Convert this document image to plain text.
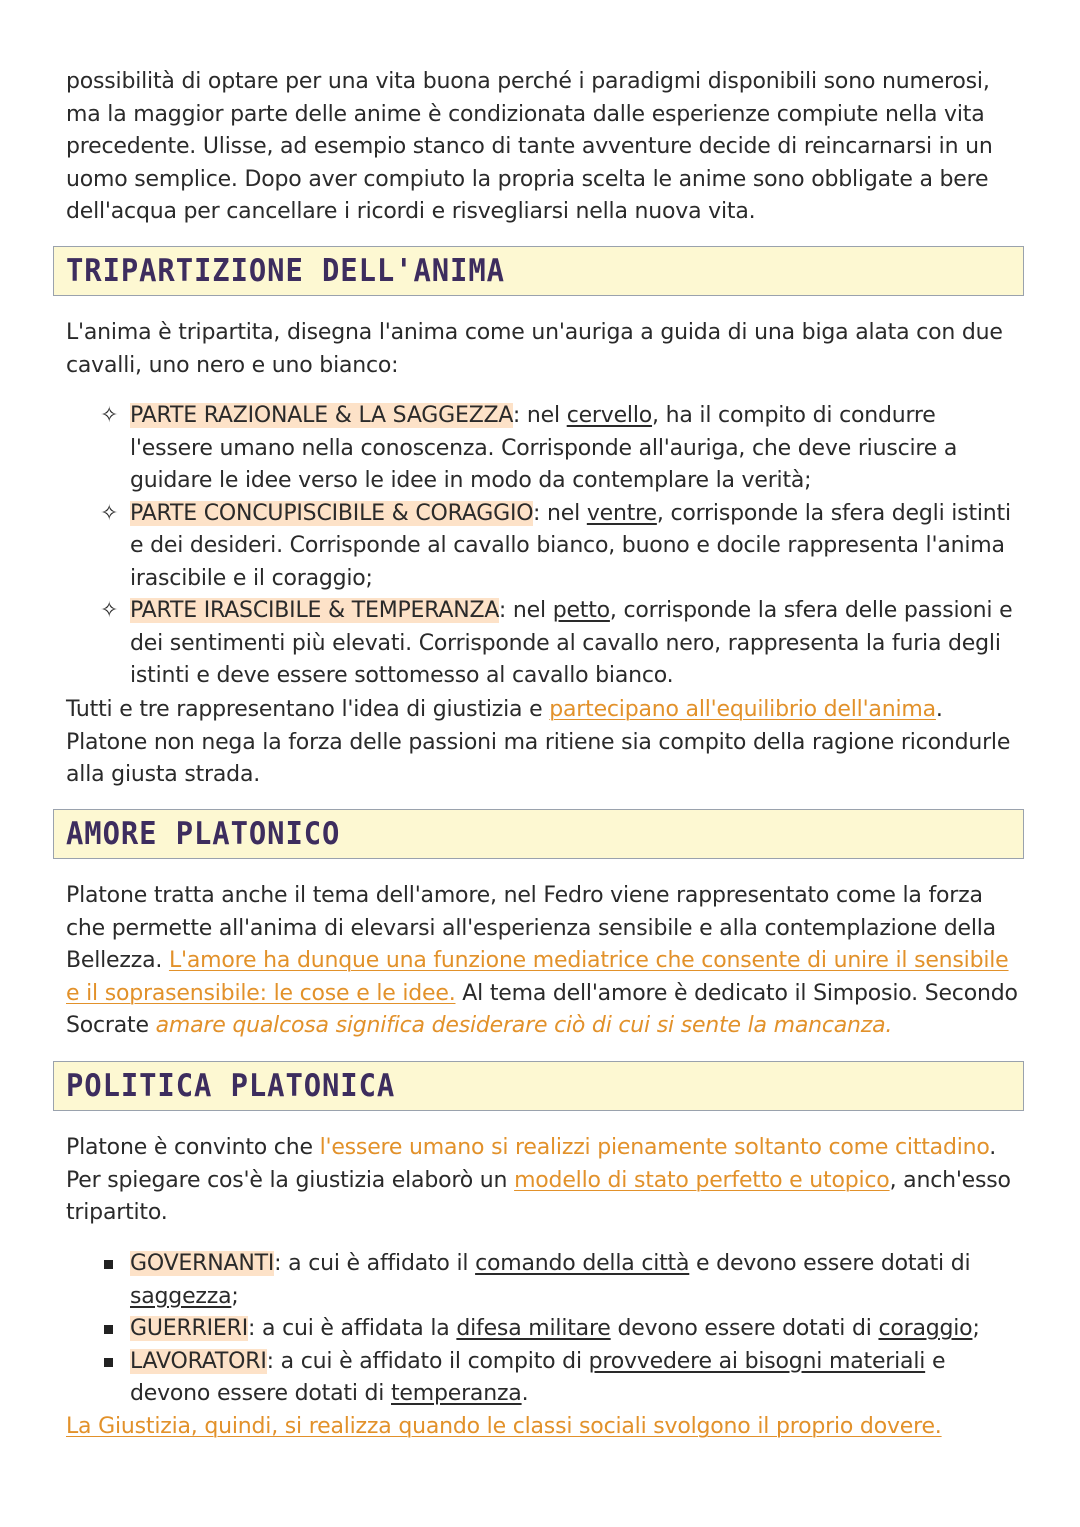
possibilità di optare per una vita buona perché i paradigmi disponibili sono numerosi, ma la maggior parte delle anime è condizionata dalle esperienze compiute nella vita precedente. Ulisse, ad esempio stanco di tante avventure decide di reincarnarsi in un uomo semplice. Dopo aver compiuto la propria scelta le anime sono obbligate a bere dell'acqua per cancellare i ricordi e risvegliarsi nella nuova vita.

TRIPARTIZIONE DELL'ANIMA

L'anima è tripartita, disegna l'anima come un'auriga a guida di una biga alata con due cavalli, uno nero e uno bianco:

✧ PARTE RAZIONALE & LA SAGGEZZA: nel cervello, ha il compito di condurre l'essere umano nella conoscenza. Corrisponde all'auriga, che deve riuscire a guidare le idee verso le idee in modo da contemplare la verità;
✧ PARTE CONCUPISCIBILE & CORAGGIO: nel ventre, corrisponde la sfera degli istinti e dei desideri. Corrisponde al cavallo bianco, buono e docile rappresenta l'anima irascibile e il coraggio;
✧ PARTE IRASCIBILE & TEMPERANZA: nel petto, corrisponde la sfera delle passioni e dei sentimenti più elevati. Corrisponde al cavallo nero, rappresenta la furia degli istinti e deve essere sottomesso al cavallo bianco.

Tutti e tre rappresentano l'idea di giustizia e partecipano all'equilibrio dell'anima. Platone non nega la forza delle passioni ma ritiene sia compito della ragione ricondurle alla giusta strada.

AMORE PLATONICO

Platone tratta anche il tema dell'amore, nel Fedro viene rappresentato come la forza che permette all'anima di elevarsi all'esperienza sensibile e alla contemplazione della Bellezza. L'amore ha dunque una funzione mediatrice che consente di unire il sensibile e il soprasensibile: le cose e le idee. Al tema dell'amore è dedicato il Simposio. Secondo Socrate amare qualcosa significa desiderare ciò di cui si sente la mancanza.

POLITICA PLATONICA

Platone è convinto che l'essere umano si realizzi pienamente soltanto come cittadino. Per spiegare cos'è la giustizia elaborò un modello di stato perfetto e utopico, anch'esso tripartito.

GOVERNANTI: a cui è affidato il comando della città e devono essere dotati di saggezza;
GUERRIERI: a cui è affidata la difesa militare devono essere dotati di coraggio;
LAVORATORI: a cui è affidato il compito di provvedere ai bisogni materiali e devono essere dotati di temperanza.

La Giustizia, quindi, si realizza quando le classi sociali svolgono il proprio dovere.
